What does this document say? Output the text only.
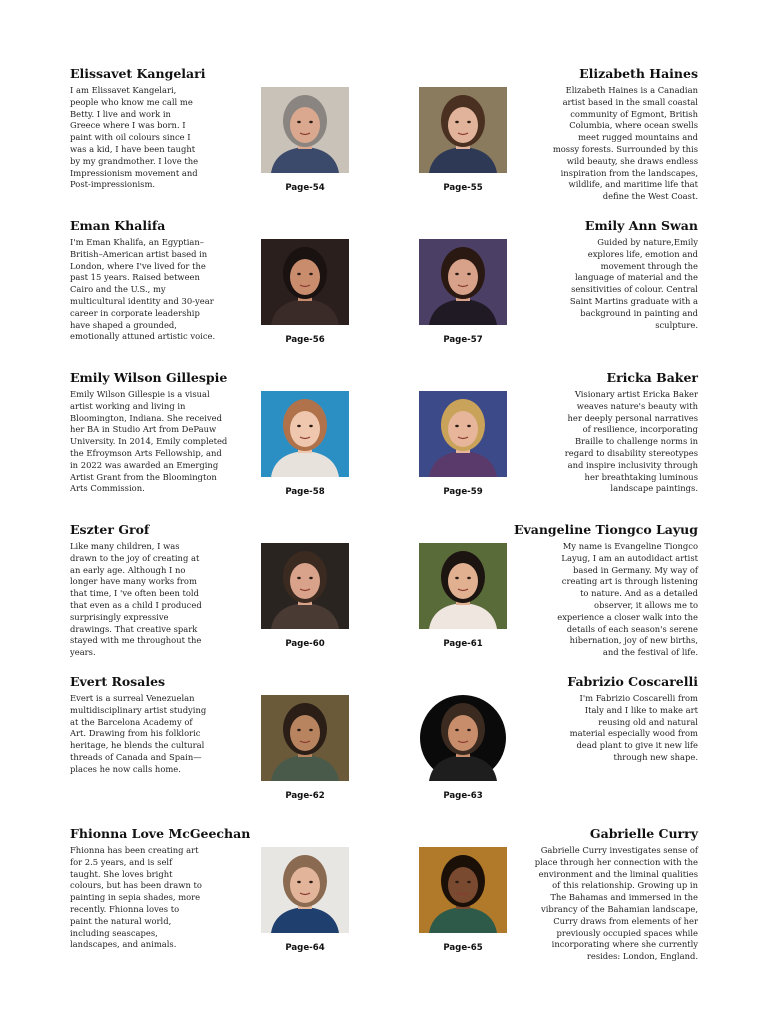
Elissavet Kangelari
I am Elissavet Kangelari,
people who know me call me
Betty. I live and work in
Greece where I was born. I
paint with oil colours since I
was a kid, I have been taught
by my grandmother. I love the
Impressionism movement and
Post-impressionism.	Page-54
Elizabeth Haines
Elizabeth Haines is a Canadian
artist based in the small coastal
community of Egmont, British
Columbia, where ocean swells
meet rugged mountains and
mossy forests. Surrounded by this
wild beauty, she draws endless
inspiration from the landscapes,
wildlife, and maritime life that
define the West Coast.
Page-55
Eman Khalifa
I'm Eman Khalifa, an Egyptian–
British–American artist based in
London, where I've lived for the
past 15 years. Raised between
Cairo and the U.S., my
multicultural identity and 30-year
career in corporate leadership
have shaped a grounded,
emotionally attuned artistic voice.	Page-56
Emily Ann Swan
Guided by nature,Emily
explores life, emotion and
movement through the
language of material and the
sensitivities of colour. Central
Saint Martins graduate with a
background in painting and
sculpture.
Page-57
Emily Wilson Gillespie
Emily Wilson Gillespie is a visual
artist working and living in
Bloomington, Indiana. She received
her BA in Studio Art from DePauw
University. In 2014, Emily completed
the Efroymson Arts Fellowship, and
in 2022 was awarded an Emerging
Artist Grant from the Bloomington
Arts Commission.	Page-58
Ericka Baker
Visionary artist Ericka Baker
weaves nature's beauty with
her deeply personal narratives
of resilience, incorporating
Braille to challenge norms in
regard to disability stereotypes
and inspire inclusivity through
her breathtaking luminous
landscape paintings.
Page-59
Eszter Grof
Like many children, I was
drawn to the joy of creating at
an early age. Although I no
longer have many works from
that time, I 've often been told
that even as a child I produced
surprisingly expressive
drawings. That creative spark
stayed with me throughout the
years.
Page-60
Evangeline Tiongco Layug
My name is Evangeline Tiongco
Layug, I am an autodidact artist
based in Germany. My way of
creating art is through listening
to nature. And as a detailed
observer, it allows me to
experience a closer walk into the
details of each season's serene
hibernation, joy of new births,
and the festival of life.
Page-61
Evert Rosales
Evert is a surreal Venezuelan
multidisciplinary artist studying
at the Barcelona Academy of
Art. Drawing from his folkloric
heritage, he blends the cultural
threads of Canada and Spain—
places he now calls home.
Page-62
Fabrizio Coscarelli
I'm Fabrizio Coscarelli from
Italy and I like to make art
reusing old and natural
material especially wood from
dead plant to give it new life
through new shape.
Page-63
Fhionna Love McGeechan
Fhionna has been creating art
for 2.5 years, and is self
taught. She loves bright
colours, but has been drawn to
painting in sepia shades, more
recently. Fhionna loves to
paint the natural world,
including seascapes,
landscapes, and animals.	Page-64
Gabrielle Curry
Gabrielle Curry investigates sense of
place through her connection with the
environment and the liminal qualities
of this relationship. Growing up in
The Bahamas and immersed in the
vibrancy of the Bahamian landscape,
Curry draws from elements of her
previously occupied spaces while
incorporating where she currently
resides: London, England.
Page-65
